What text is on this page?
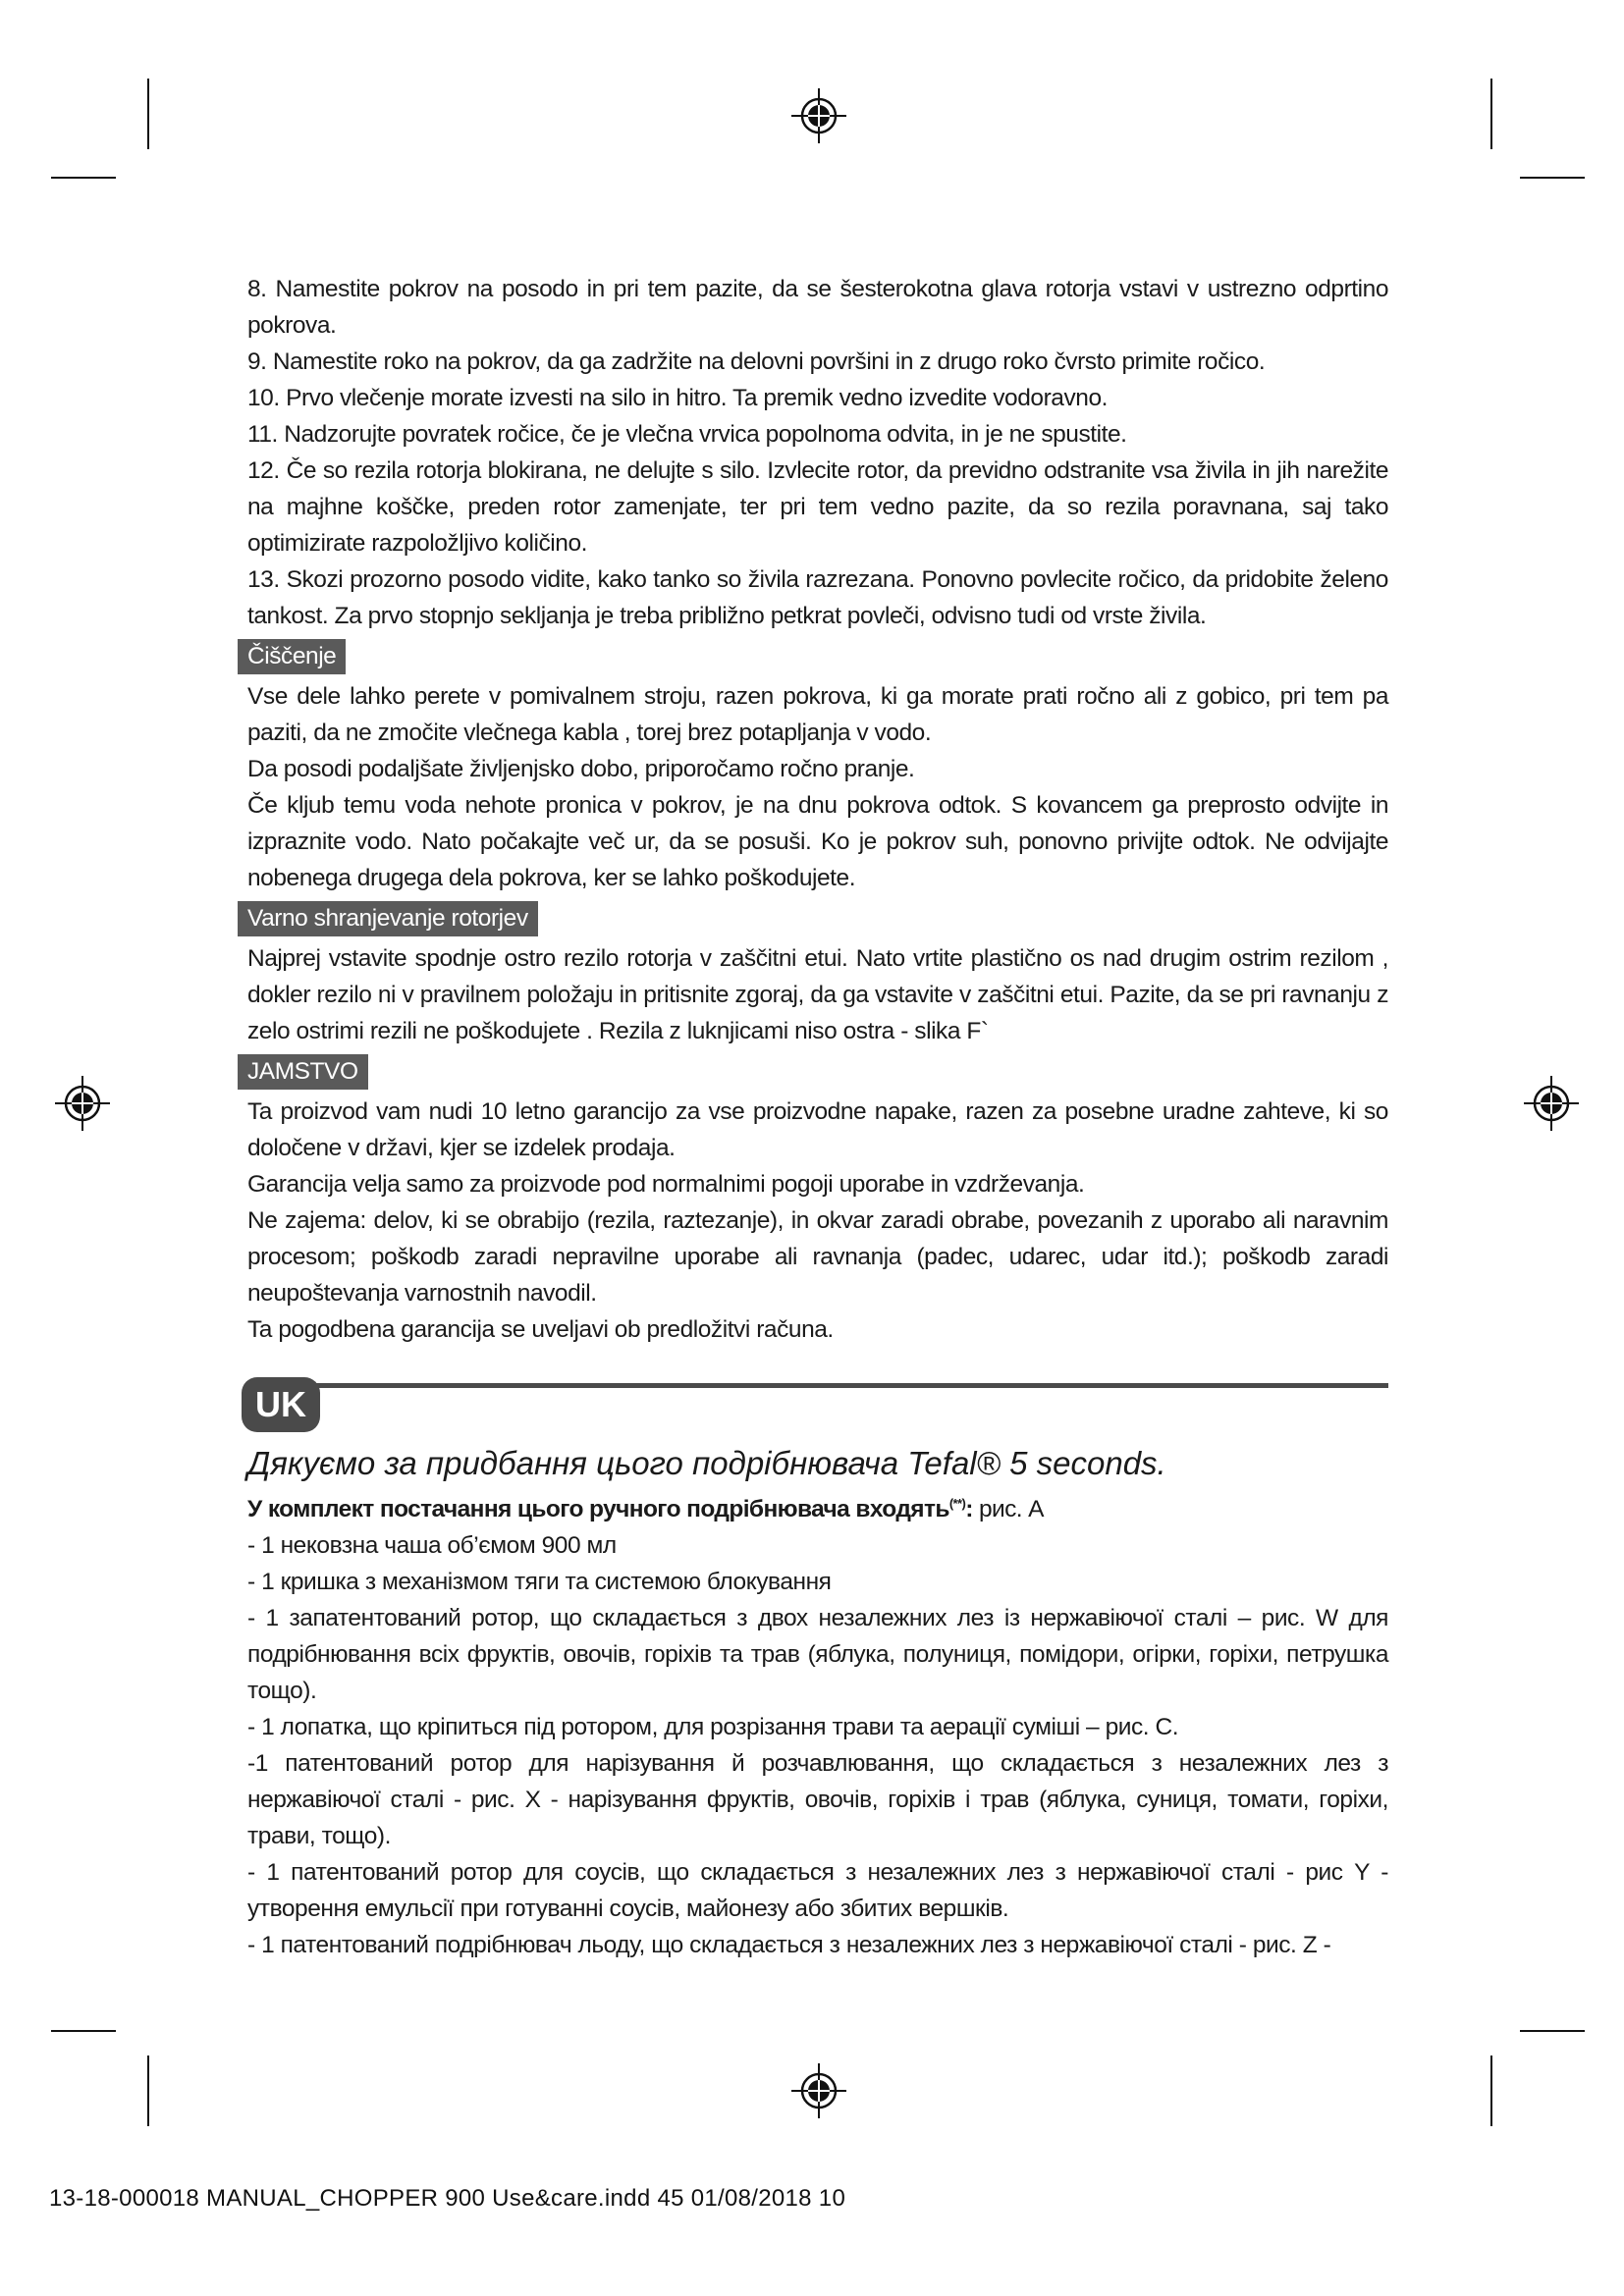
8. Namestite pokrov na posodo in pri tem pazite, da se šesterokotna glava rotorja vstavi v ustrezno odprtino pokrova.

9. Namestite roko na pokrov, da ga zadržite na delovni površini in z drugo roko čvrsto primite ročico.

10. Prvo vlečenje morate izvesti na silo in hitro. Ta premik vedno izvedite vodoravno.

11. Nadzorujte povratek ročice, če je vlečna vrvica popolnoma odvita, in je ne spustite.

12. Če so rezila rotorja blokirana, ne delujte s silo. Izvlecite rotor, da previdno odstranite vsa živila in jih narežite na majhne koščke, preden rotor zamenjate, ter pri tem vedno pazite, da so rezila poravnana, saj tako optimizirate razpoložljivo količino.

13. Skozi prozorno posodo vidite, kako tanko so živila razrezana. Ponovno povlecite ročico, da pridobite želeno tankost. Za prvo stopnjo sekljanja je treba približno petkrat povleči, odvisno tudi od vrste živila.

Čiščenje

Vse dele lahko perete v pomivalnem stroju, razen pokrova, ki ga morate prati ročno ali z gobico, pri tem pa paziti, da ne zmočite vlečnega kabla , torej brez potapljanja v vodo.

Da posodi podaljšate življenjsko dobo, priporočamo ročno pranje.

Če kljub temu voda nehote pronica v pokrov, je na dnu pokrova odtok. S kovancem ga preprosto odvijte in izpraznite vodo. Nato počakajte več ur, da se posuši. Ko je pokrov suh, ponovno privijte odtok. Ne odvijajte nobenega drugega dela pokrova, ker se lahko poškodujete.

Varno shranjevanje rotorjev

Najprej vstavite spodnje ostro rezilo rotorja v zaščitni etui. Nato vrtite plastično os nad drugim ostrim rezilom , dokler rezilo ni v pravilnem položaju in pritisnite zgoraj, da ga vstavite v zaščitni etui. Pazite, da se pri ravnanju z zelo ostrimi rezili ne poškodujete . Rezila z luknjicami niso ostra - slika F`

JAMSTVO

Ta proizvod vam nudi 10 letno garancijo za vse proizvodne napake, razen za posebne uradne zahteve, ki so določene v državi, kjer se izdelek prodaja.

Garancija velja samo za proizvode pod normalnimi pogoji uporabe in vzdrževanja.

Ne zajema: delov, ki se obrabijo (rezila, raztezanje), in okvar zaradi obrabe, povezanih z uporabo ali naravnim procesom; poškodb zaradi nepravilne uporabe ali ravnanja (padec, udarec, udar itd.); poškodb zaradi neupoštevanja varnostnih navodil.

Ta pogodbena garancija se uveljavi ob predložitvi računa.

UK

Дякуємо за придбання цього подрібнювача Tefal® 5 seconds.

У комплект постачання цього ручного подрібнювача входять(**): рис. A

- 1 нековзна чаша об’ємом 900 мл

- 1 кришка з механізмом тяги та системою блокування

- 1 запатентований ротор, що складається з двох незалежних лез із нержавіючої сталі – рис. W для подрібнювання всіх фруктів, овочів, горіхів та трав (яблука, полуниця, помідори, огірки, горіхи, петрушка тощо).

- 1 лопатка, що кріпиться під ротором, для розрізання трави та аерації суміші – рис. C.

-1 патентований ротор для нарізування й розчавлювання, що складається з незалежних лез з нержавіючої сталі - рис. X - нарізування фруктів, овочів, горіхів і трав (яблука, суниця, томати, горіхи, трави, тощо).

- 1 патентований ротор для соусів, що складається з незалежних лез з нержавіючої сталі - рис Y - утворення емульсії при готуванні соусів, майонезу або збитих вершків.

- 1 патентований подрібнювач льоду, що складається з незалежних лез з нержавіючої сталі - рис. Z -

13-18-000018 MANUAL_CHOPPER 900 Use&care.indd 45 01/08/2018 10
